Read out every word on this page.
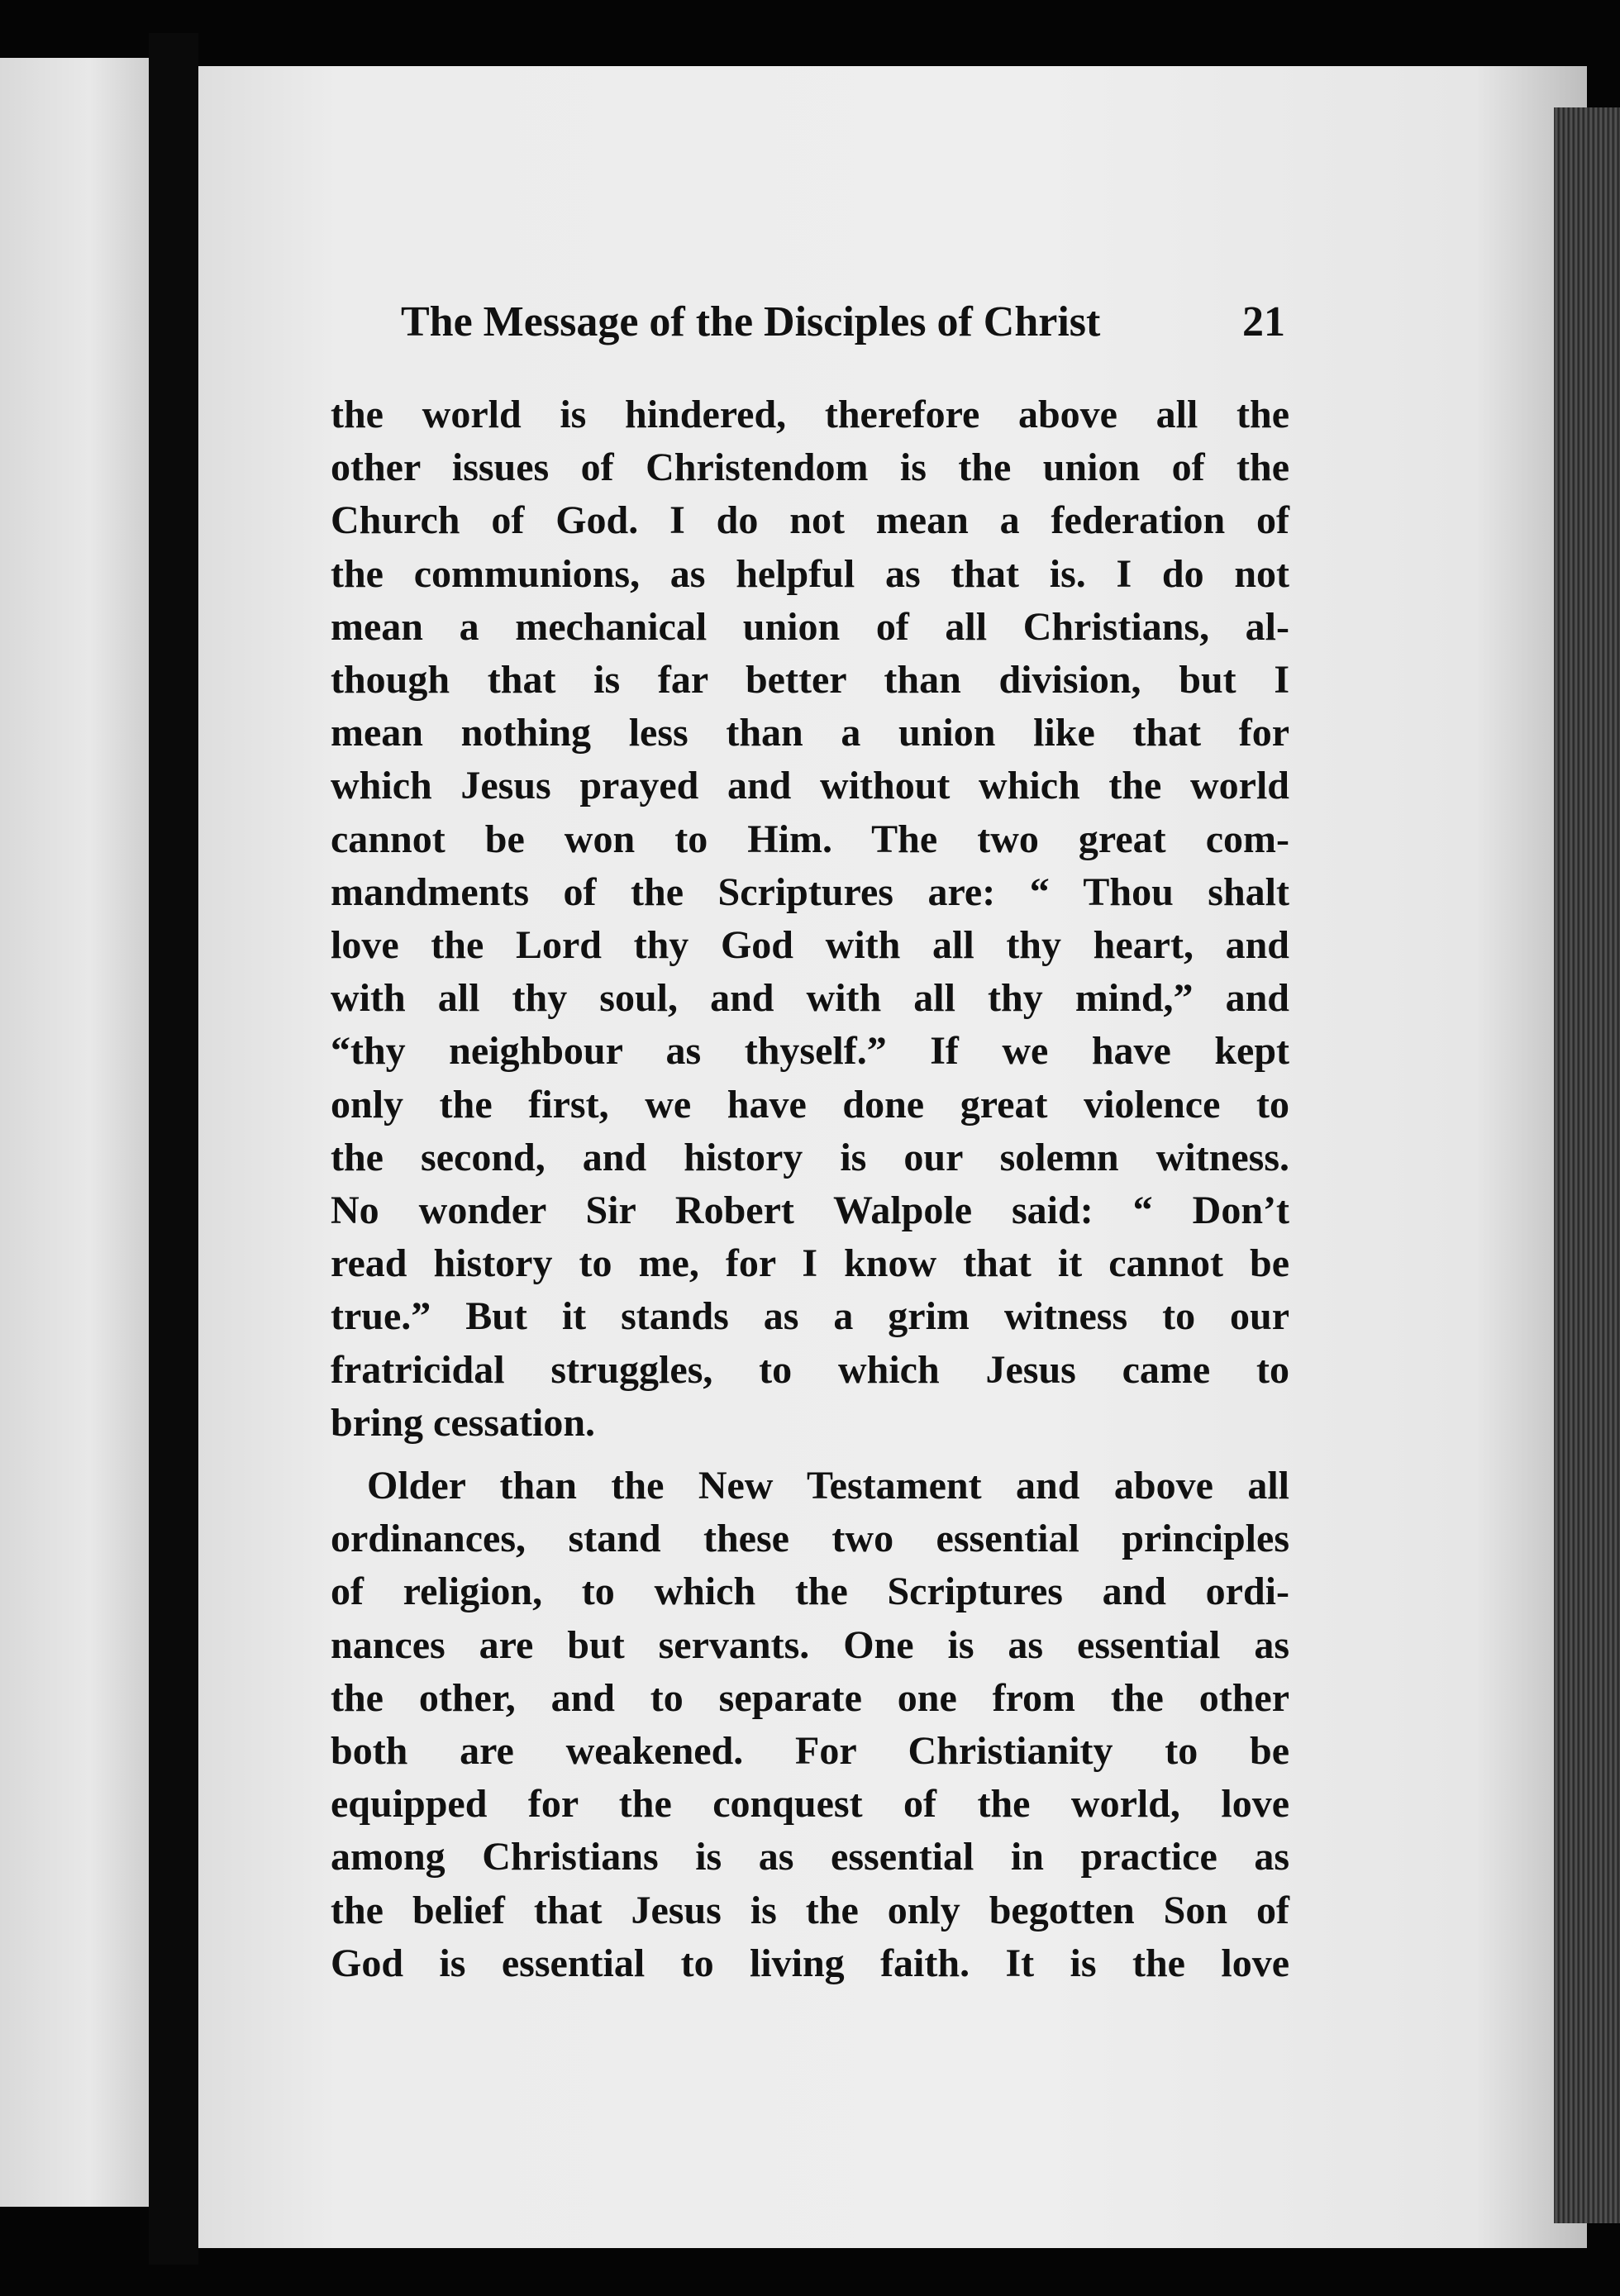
The Message of the Disciples of Christ	21
the world is hindered, therefore above all the
other issues of Christendom is the union of the
Church of God. I do not mean a federation of
the communions, as helpful as that is. I do not
mean a mechanical union of all Christians, al-
though that is far better than division, but I
mean nothing less than a union like that for
which Jesus prayed and without which the world
cannot be won to Him. The two great com-
mandments of the Scriptures are: “ Thou shalt
love the Lord thy God with all thy heart, and
with all thy soul, and with all thy mind,” and
“thy neighbour as thyself.” If we have kept
only the first, we have done great violence to
the second, and history is our solemn witness.
No wonder Sir Robert Walpole said: “ Don’t
read history to me, for I know that it cannot be
true.” But it stands as a grim witness to our
fratricidal struggles, to which Jesus came to
bring cessation.
Older than the New Testament and above all
ordinances, stand these two essential principles
of religion, to which the Scriptures and ordi-
nances are but servants. One is as essential as
the other, and to separate one from the other
both are weakened. For Christianity to be
equipped for the conquest of the world, love
among Christians is as essential in practice as
the belief that Jesus is the only begotten Son of
God is essential to living faith. It is the love
